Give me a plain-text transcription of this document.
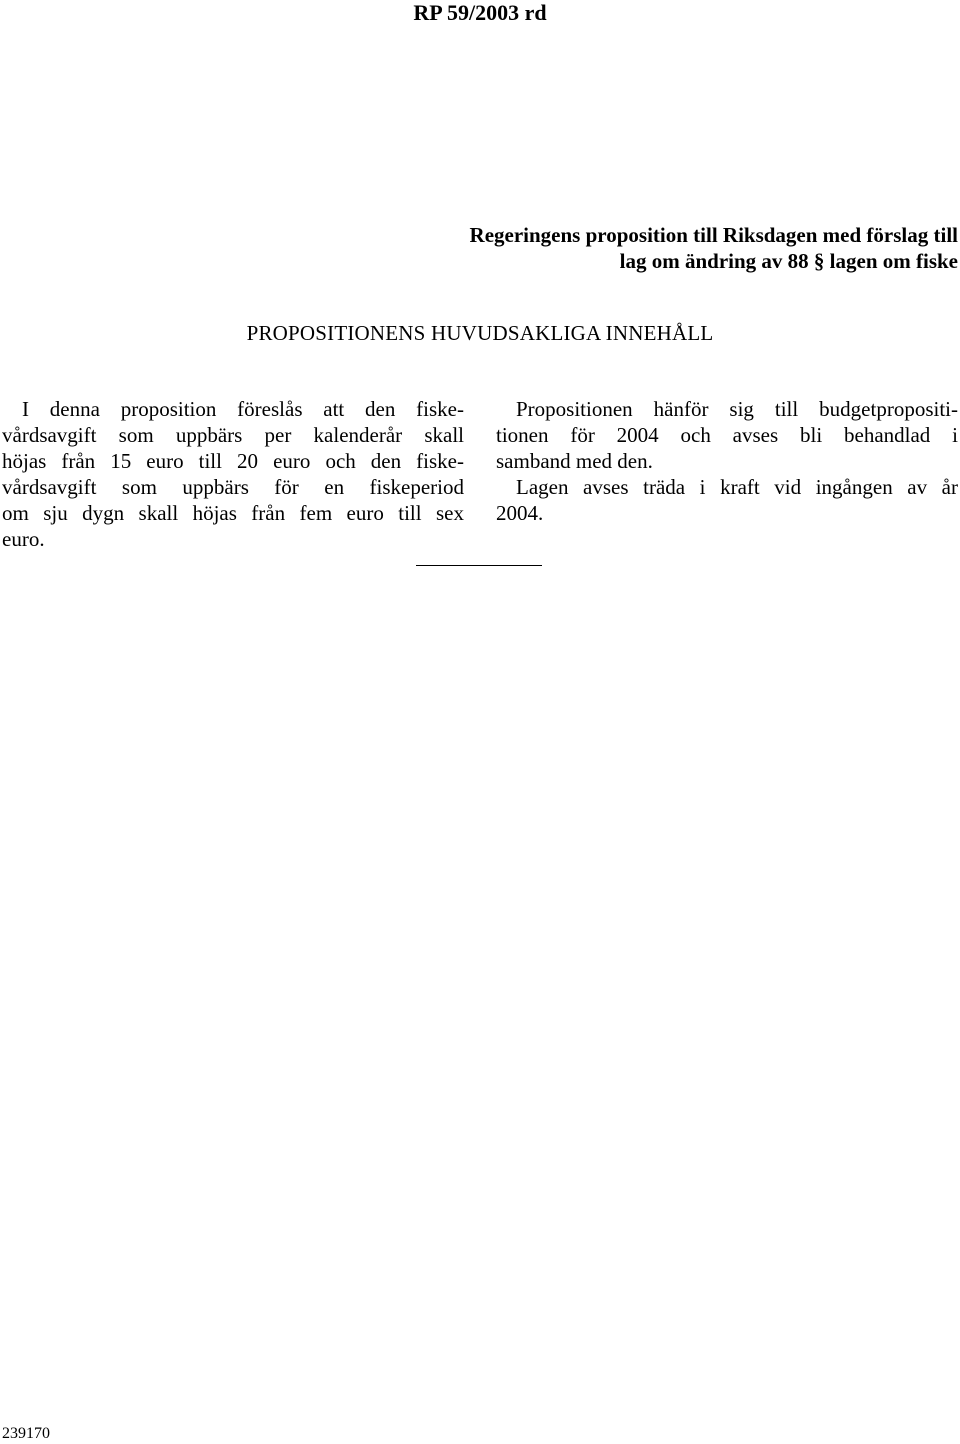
RP 59/2003 rd
Regeringens proposition till Riksdagen med förslag till
lag om ändring av 88 § lagen om fiske
PROPOSITIONENS HUVUDSAKLIGA INNEHÅLL
I denna proposition föreslås att den fiske-
vårdsavgift som uppbärs per kalenderår skall
höjas från 15 euro till 20 euro och den fiske-
vårdsavgift som uppbärs för en fiskeperiod
om sju dygn skall höjas från fem euro till sex
euro.
Propositionen hänför sig till budgetpropositi-
tionen för 2004 och avses bli behandlad i
samband med den.
Lagen avses träda i kraft vid ingången av år
2004.
239170
